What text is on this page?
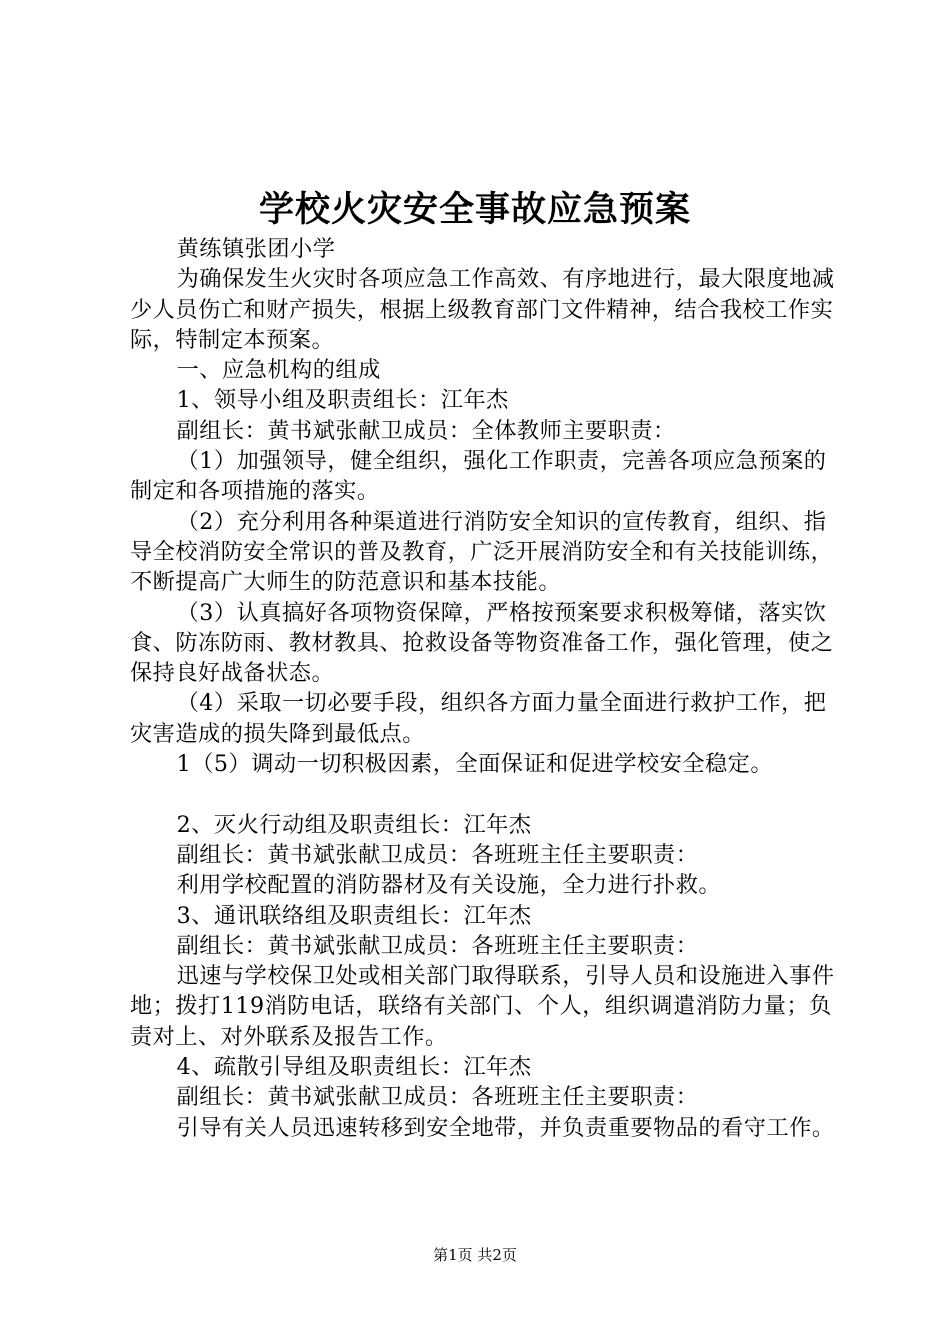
学校火灾安全事故应急预案

黄练镇张团小学

为确保发生火灾时各项应急工作高效、有序地进行，最大限度地减少人员伤亡和财产损失，根据上级教育部门文件精神，结合我校工作实际，特制定本预案。

一、应急机构的组成

1、领导小组及职责组长：江年杰

副组长：黄书斌张献卫成员：全体教师主要职责：

（1）加强领导，健全组织，强化工作职责，完善各项应急预案的制定和各项措施的落实。

（2）充分利用各种渠道进行消防安全知识的宣传教育，组织、指导全校消防安全常识的普及教育，广泛开展消防安全和有关技能训练，不断提高广大师生的防范意识和基本技能。

（3）认真搞好各项物资保障，严格按预案要求积极筹储，落实饮食、防冻防雨、教材教具、抢救设备等物资准备工作，强化管理，使之保持良好战备状态。

（4）采取一切必要手段，组织各方面力量全面进行救护工作，把灾害造成的损失降到最低点。

1（5）调动一切积极因素，全面保证和促进学校安全稳定。

2、灭火行动组及职责组长：江年杰

副组长：黄书斌张献卫成员：各班班主任主要职责：

利用学校配置的消防器材及有关设施，全力进行扑救。

3、通讯联络组及职责组长：江年杰

副组长：黄书斌张献卫成员：各班班主任主要职责：

迅速与学校保卫处或相关部门取得联系，引导人员和设施进入事件地；拨打119消防电话，联络有关部门、个人，组织调遣消防力量；负责对上、对外联系及报告工作。

4、疏散引导组及职责组长：江年杰

副组长：黄书斌张献卫成员：各班班主任主要职责：

引导有关人员迅速转移到安全地带，并负责重要物品的看守工作。

第1页 共2页
